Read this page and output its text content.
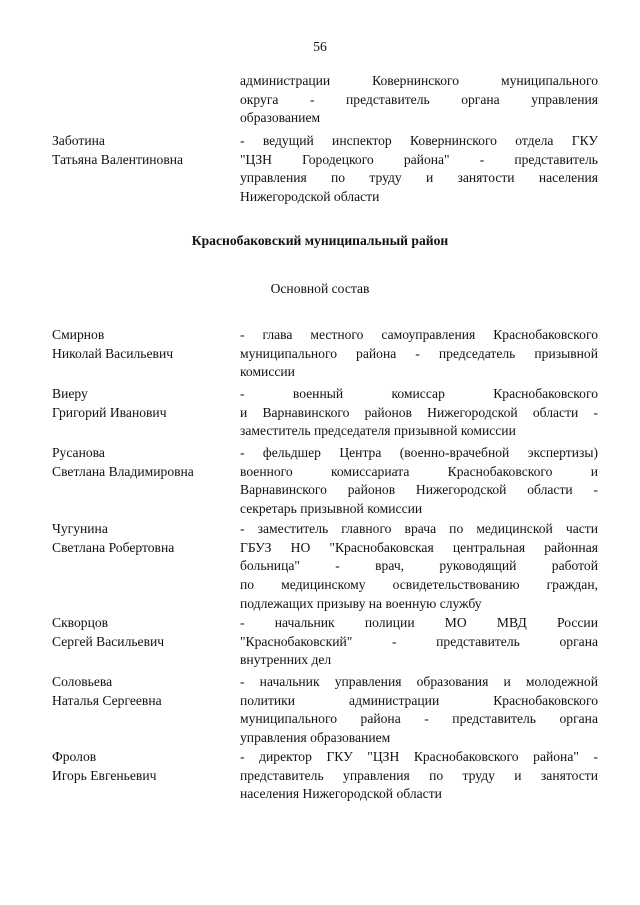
56
администрации Ковернинского муниципального
округа - представитель органа управления
образованием
Заботина
Татьяна Валентиновна
- ведущий инспектор Ковернинского отдела ГКУ
"ЦЗН Городецкого района" - представитель
управления по труду и занятости населения
Нижегородской области
Краснобаковский муниципальный район
Основной состав
Смирнов
Николай Васильевич
- глава местного самоуправления Краснобаковского
муниципального района - председатель призывной
комиссии
Виеру
Григорий Иванович
- военный комиссар Краснобаковского
и Варнавинского районов Нижегородской области -
заместитель председателя призывной комиссии
Русанова
Светлана Владимировна
- фельдшер Центра (военно-врачебной экспертизы)
военного комиссариата Краснобаковского и
Варнавинского районов Нижегородской области -
секретарь призывной комиссии
Чугунина
Светлана Робертовна
- заместитель главного врача по медицинской части
ГБУЗ НО "Краснобаковская центральная районная
больница" - врач, руководящий работой
по медицинскому освидетельствованию граждан,
подлежащих призыву на военную службу
Скворцов
Сергей Васильевич
- начальник полиции МО МВД России
"Краснобаковский" - представитель органа
внутренних дел
Соловьева
Наталья Сергеевна
- начальник управления образования и молодежной
политики администрации Краснобаковского
муниципального района - представитель органа
управления образованием
Фролов
Игорь Евгеньевич
- директор ГКУ "ЦЗН Краснобаковского района" -
представитель управления по труду и занятости
населения Нижегородской области
